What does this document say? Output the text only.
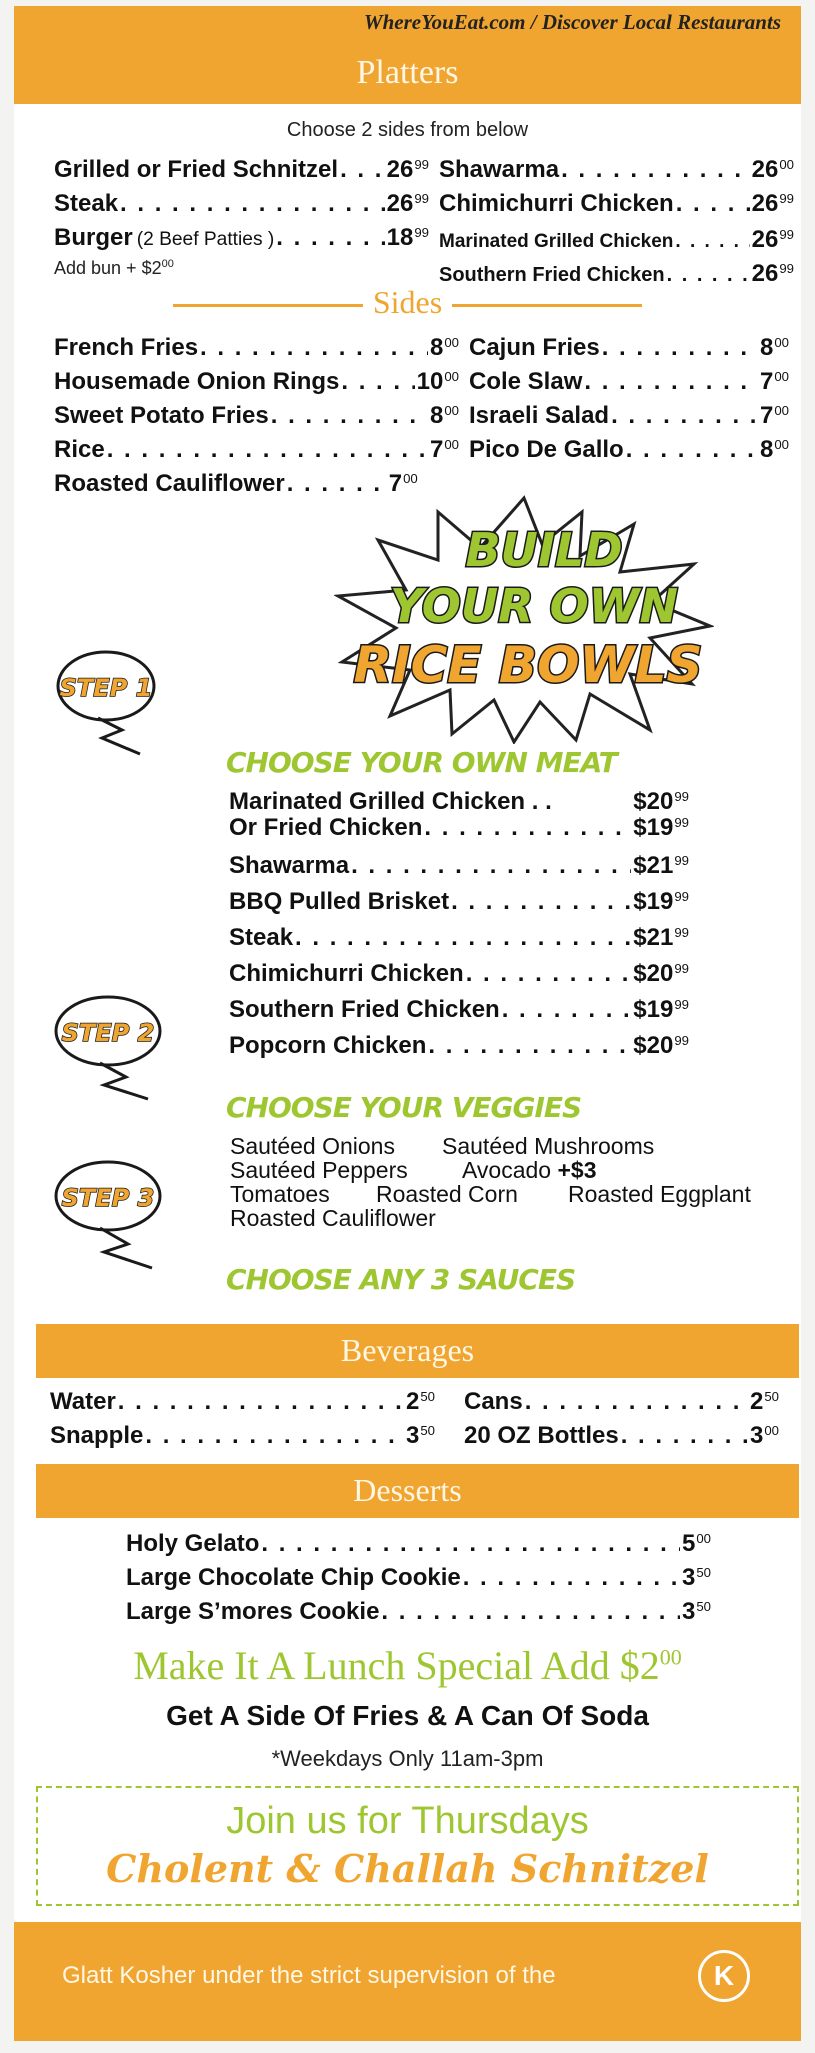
WhereYouEat.com / Discover Local Restaurants
Platters
Choose 2 sides from below
Grilled or Fried Schnitzel . . . $26^{99}$
Steak . . .	$26^{99}$
Burger (2 Beef Patties ) . . .	$18^{99}$
Add bun + $\$2^{00}$
Shawarma . . .	$26^{00}$
Chimichurri Chicken . . .	$26^{99}$
Marinated Grilled Chicken . . .	$26^{99}$
Southern Fried Chicken . . .	$26^{99}$
Sides
French Fries . . .	$8^{00}$
Housemade Onion Rings . . .	$10^{00}$
Sweet Potato Fries . . .	$8^{00}$
Rice . . .	$7^{00}$
Roasted Cauliflower . . .	$7^{00}$
Cajun Fries . . .	$8^{00}$
Cole Slaw . . .	$7^{00}$
Israeli Salad . . .	$7^{00}$
Pico De Gallo . . .	$8^{00}$
BUILD
YOUR OWN
RICE BOWLS
STEP 1
STEP 2
STEP 3
CHOOSE YOUR OWN MEAT
Marinated Grilled Chicken . .	$\$20^{99}$
Or Fried Chicken . . .	$\$19^{99}$
Shawarma . . .	$\$21^{99}$
BBQ Pulled Brisket . . .	$\$19^{99}$
Steak . . .	$\$21^{99}$
Chimichurri Chicken . . .	$\$20^{99}$
Southern Fried Chicken . . .	$\$19^{99}$
Popcorn Chicken . . .	$\$20^{99}$
CHOOSE YOUR VEGGIES
Sautéed Onions Sautéed Mushrooms
Sautéed Peppers Avocado +$3
Tomatoes Roasted Corn Roasted Eggplant
Roasted Cauliflower
CHOOSE ANY 3 SAUCES
Beverages
Water . . .	$2^{50}$
Snapple . . .	$3^{50}$
Cans . . .	$2^{50}$
20 OZ Bottles . . .	$3^{00}$
Desserts
Holy Gelato . . .	$5^{00}$
Large Chocolate Chip Cookie . . .	$3^{50}$
Large S’mores Cookie . . .	$3^{50}$
Make It A Lunch Special Add $\$2^{00}$
Get A Side Of Fries & A Can Of Soda
*Weekdays Only 11am-3pm
Join us for Thursdays
Cholent & Challah Schnitzel
Glatt Kosher under the strict supervision of the	K
